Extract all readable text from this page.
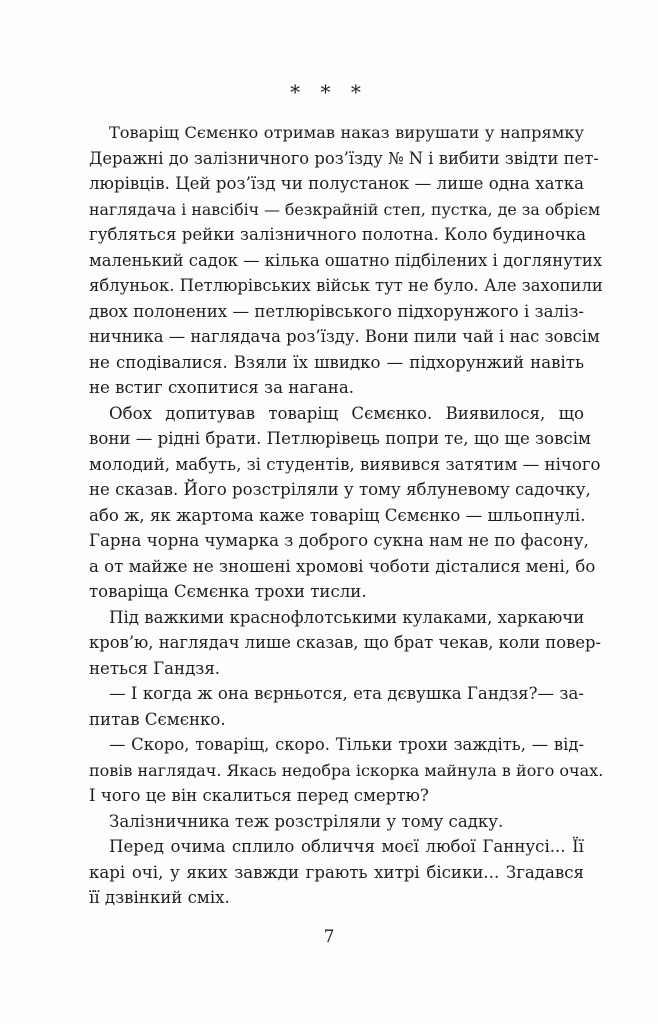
* * *
Товаріщ Сємєнко отримав наказ вирушати у напрямку
Деражні до залізничного роз’їзду № N і вибити звідти пет-
люрівців. Цей роз’їзд чи полустанок — лише одна хатка
наглядача і навсібіч — безкрайній степ, пустка, де за обрієм
губляться рейки залізничного полотна. Коло будиночка
маленький садок — кілька ошатно підбілених і доглянутих
яблуньок. Петлюрівських військ тут не було. Але захопили
двох полонених — петлюрівського підхорунжого і заліз-
ничника — наглядача роз’їзду. Вони пили чай і нас зовсім
не сподівалися. Взяли їх швидко — підхорунжий навіть
не встиг схопитися за нагана.
Обох допитував товаріщ Сємєнко. Виявилося, що
вони — рідні брати. Петлюрівець попри те, що ще зовсім
молодий, мабуть, зі студентів, виявився затятим — нічого
не сказав. Його розстріляли у тому яблуневому садочку,
або ж, як жартома каже товаріщ Сємєнко — шльопнулі.
Гарна чорна чумарка з доброго сукна нам не по фасону,
а от майже не зношені хромові чоботи дісталися мені, бо
товаріща Сємєнка трохи тисли.
Під важкими краснофлотськими кулаками, харкаючи
кров’ю, наглядач лише сказав, що брат чекав, коли повер-
неться Гандзя.
— І когда ж она вєрньотся, ета дєвушка Гандзя?— за-
питав Сємєнко.
— Скоро, товаріщ, скоро. Тільки трохи заждіть, — від-
повів наглядач. Якась недобра іскорка майнула в його очах.
І чого це він скалиться перед смертю?
Залізничника теж розстріляли у тому садку.
Перед очима сплило обличчя моєї любої Ганнусі... Її
карі очі, у яких завжди грають хитрі бісики... Згадався
її дзвінкий сміх.
7
